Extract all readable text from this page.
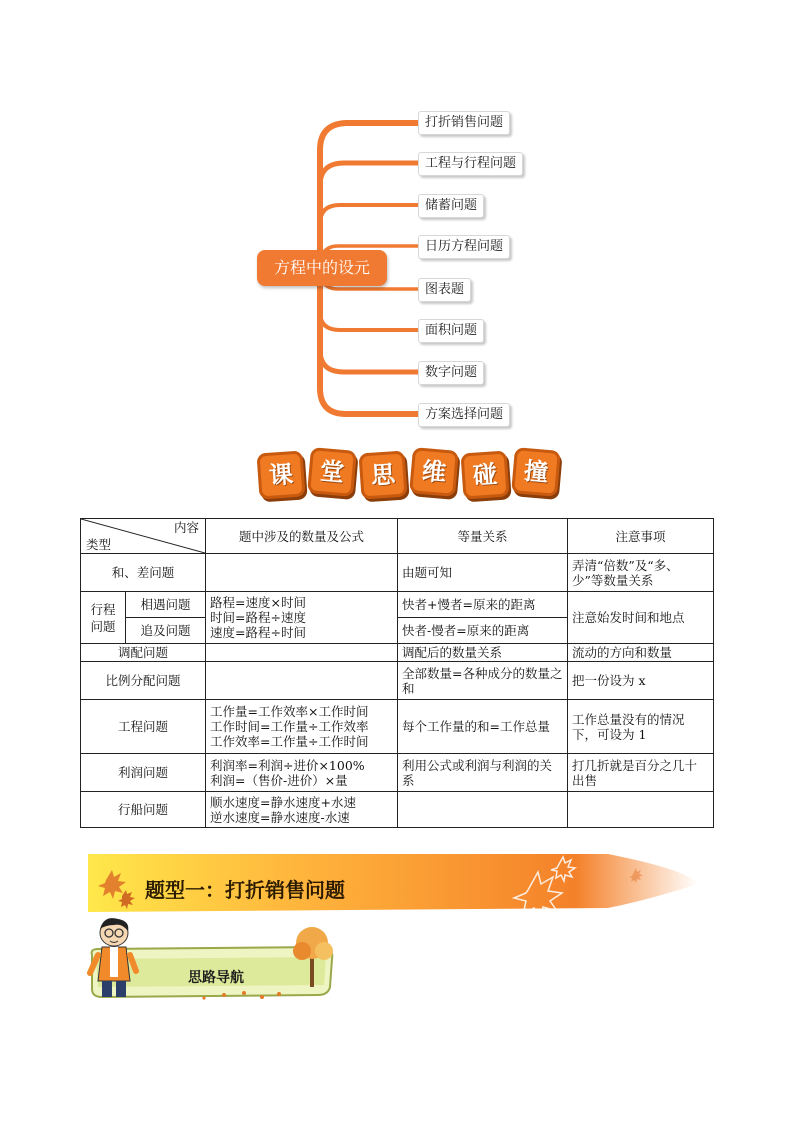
方程中的设元
打折销售问题
工程与行程问题
储蓄问题
日历方程问题
图表题
面积问题
数字问题
方案选择问题
课	堂	思	维	碰	撞
内容
类型		题中涉及的数量及公式	等量关系	注意事项
和、差问题			由题可知	弄清“倍数”及“多、少”等数量关系
行程问题	相遇问题	路程=速度×时间
时间=路程÷速度
速度=路程÷时间	快者+慢者=原来的距离	注意始发时间和地点
	追及问题		快者-慢者=原来的距离	
调配问题			调配后的数量关系	流动的方向和数量
比例分配问题			全部数量=各种成分的数量之和	把一份设为 x
工程问题		工作量=工作效率×工作时间
工作时间=工作量÷工作效率
工作效率=工作量÷工作时间	每个工作量的和=工作总量	工作总量没有的情况下，可设为 1
利润问题		利润率=利润÷进价×100%
利润=（售价-进价）×量	利用公式或利润与利润的关系	打几折就是百分之几十出售
行船问题		顺水速度=静水速度+水速
逆水速度=静水速度-水速		

题型一：打折销售问题
思路导航
